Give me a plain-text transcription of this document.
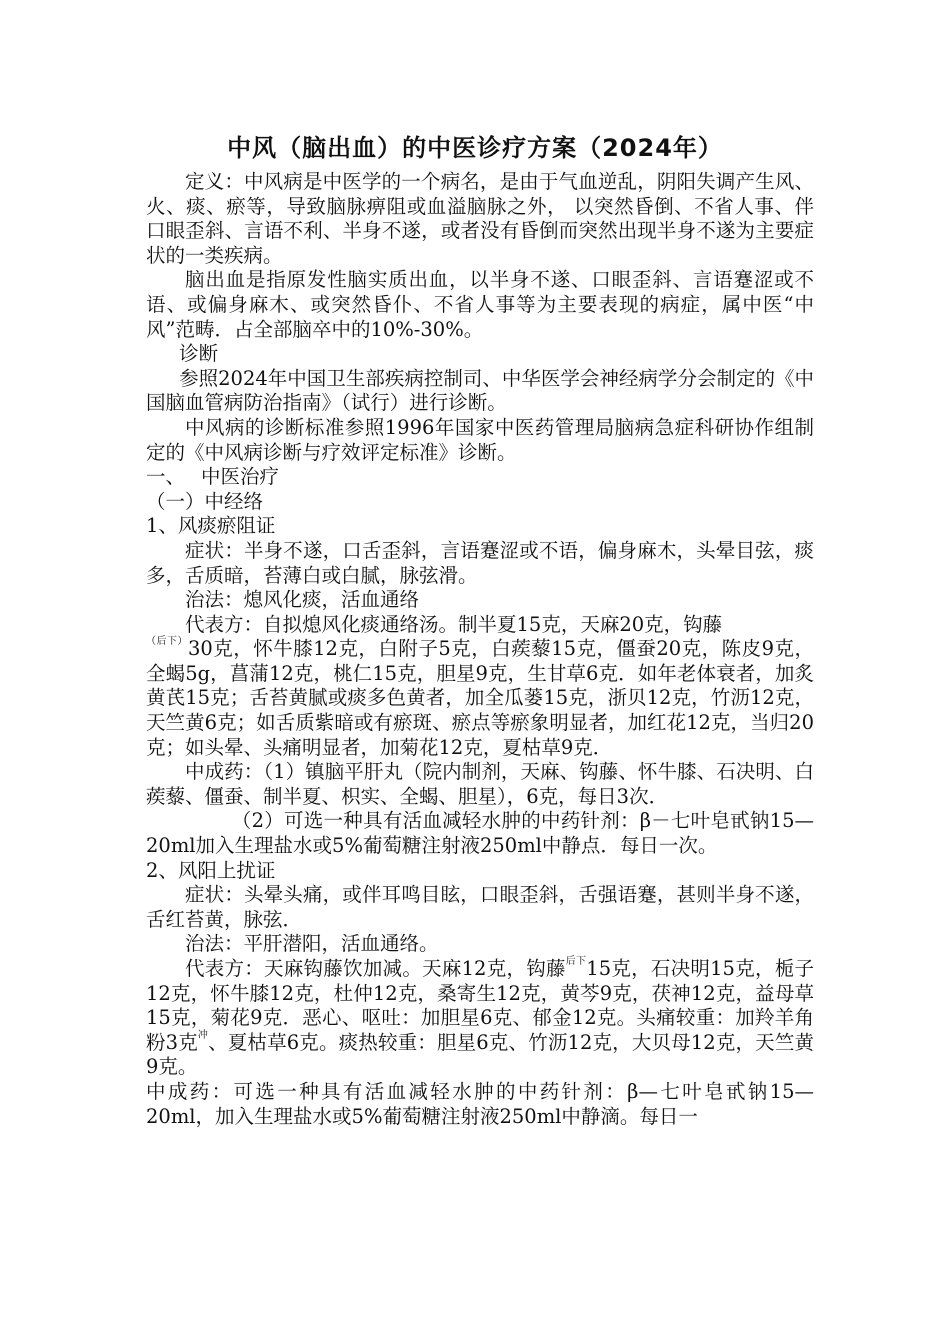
中风（脑出血）的中医诊疗方案（2024年）

定义：中风病是中医学的一个病名，是由于气血逆乱，阴阳失调产生风、火、痰、瘀等，导致脑脉痹阻或血溢脑脉之外， 以突然昏倒、不省人事、伴口眼歪斜、言语不利、半身不遂，或者没有昏倒而突然出现半身不遂为主要症状的一类疾病。

脑出血是指原发性脑实质出血，以半身不遂、口眼歪斜、言语蹇涩或不语、或偏身麻木、或突然昏仆、不省人事等为主要表现的病症，属中医“中风”范畴．占全部脑卒中的10%-30%。

诊断

参照2024年中国卫生部疾病控制司、中华医学会神经病学分会制定的《中国脑血管病防治指南》（试行）进行诊断。

中风病的诊断标准参照1996年国家中医药管理局脑病急症科研协作组制定的《中风病诊断与疗效评定标准》诊断。

一、　 中医治疗

（一）中经络

1、风痰瘀阻证

症状：半身不遂，口舌歪斜，言语蹇涩或不语，偏身麻木，头晕目弦，痰多，舌质暗，苔薄白或白腻，脉弦滑。

治法：熄风化痰，活血通络

代表方：自拟熄风化痰通络汤。制半夏15克，天麻20克，钩藤
$^{(后下)}$30克，怀牛膝12克，白附子5克，白蒺藜15克，僵蚕20克，陈皮9克，全蝎5g，菖蒲12克，桃仁15克，胆星9克，生甘草6克．如年老体衰者，加炙黄芪15克；舌苔黄腻或痰多色黄者，加全瓜蒌15克，浙贝12克，竹沥12克，天竺黄6克；如舌质紫暗或有瘀斑、瘀点等瘀象明显者，加红花12克，当归20克；如头晕、头痛明显者，加菊花12克，夏枯草9克．

中成药：（1）镇脑平肝丸（院内制剂，天麻、钩藤、怀牛膝、石决明、白蒺藜、僵蚕、制半夏、枳实、全蝎、胆星），6克，每日3次．

（2）可选一种具有活血减轻水肿的中药针剂：β－七叶皂甙钠15—20ml加入生理盐水或5%葡萄糖注射液250ml中静点．每日一次。

2、风阳上扰证

症状：头晕头痛，或伴耳鸣目眩，口眼歪斜，舌强语蹇，甚则半身不遂，舌红苔黄，脉弦．

治法：平肝潜阳，活血通络。

代表方：天麻钩藤饮加减。天麻12克，钩藤$^{后下}$15克，石决明15克，栀子12克，怀牛膝12克，杜仲12克，桑寄生12克，黄芩9克，茯神12克，益母草15克，菊花9克．恶心、呕吐：加胆星6克、郁金12克。头痛较重：加羚羊角粉3克$^冲$、夏枯草6克。痰热较重：胆星6克、竹沥12克，大贝母12克，天竺黄9克。

中成药：可选一种具有活血减轻水肿的中药针剂：β—七叶皂甙钠15—20ml，加入生理盐水或5%葡萄糖注射液250ml中静滴。每日一
